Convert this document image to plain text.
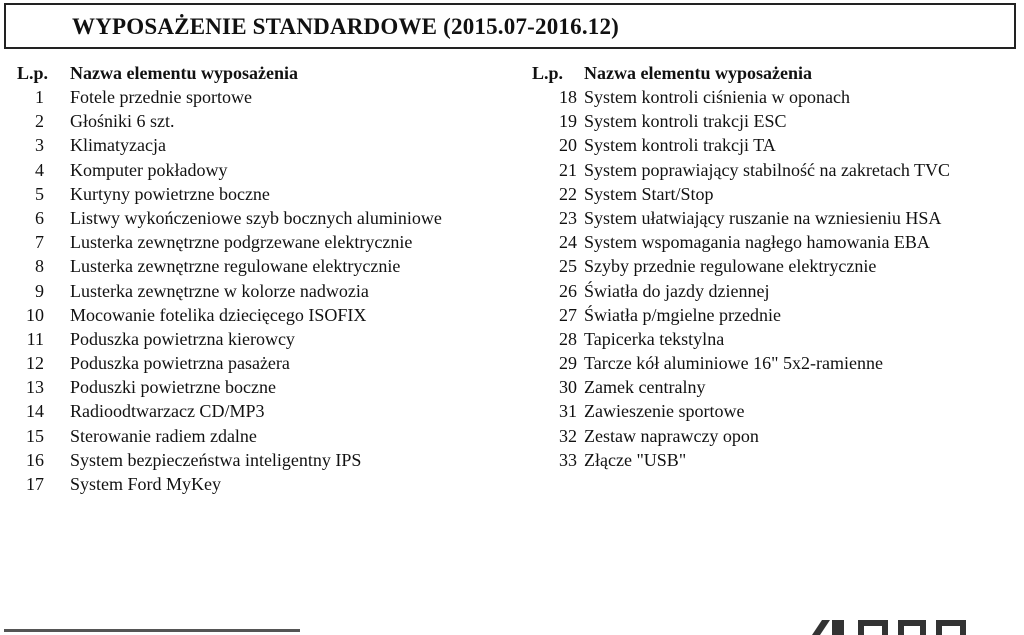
WYPOSAŻENIE STANDARDOWE (2015.07-2016.12)
L.p. Nazwa elementu wyposażenia
1 Fotele przednie sportowe
2 Głośniki 6 szt.
3 Klimatyzacja
4 Komputer pokładowy
5 Kurtyny powietrzne boczne
6 Listwy wykończeniowe szyb bocznych aluminiowe
7 Lusterka zewnętrzne podgrzewane elektrycznie
8 Lusterka zewnętrzne regulowane elektrycznie
9 Lusterka zewnętrzne w kolorze nadwozia
10 Mocowanie fotelika dziecięcego ISOFIX
11 Poduszka powietrzna kierowcy
12 Poduszka powietrzna pasażera
13 Poduszki powietrzne boczne
14 Radioodtwarzacz CD/MP3
15 Sterowanie radiem zdalne
16 System bezpieczeństwa inteligentny IPS
17 System Ford MyKey
L.p. Nazwa elementu wyposażenia
18 System kontroli ciśnienia w oponach
19 System kontroli trakcji ESC
20 System kontroli trakcji TA
21 System poprawiający stabilność na zakretach TVC
22 System Start/Stop
23 System ułatwiający ruszanie na wzniesieniu HSA
24 System wspomagania nagłego hamowania EBA
25 Szyby przednie regulowane elektrycznie
26 Światła do jazdy dziennej
27 Światła p/mgielne przednie
28 Tapicerka tekstylna
29 Tarcze kół aluminiowe 16" 5x2-ramienne
30 Zamek centralny
31 Zawieszenie sportowe
32 Zestaw naprawczy opon
33 Złącze "USB"
